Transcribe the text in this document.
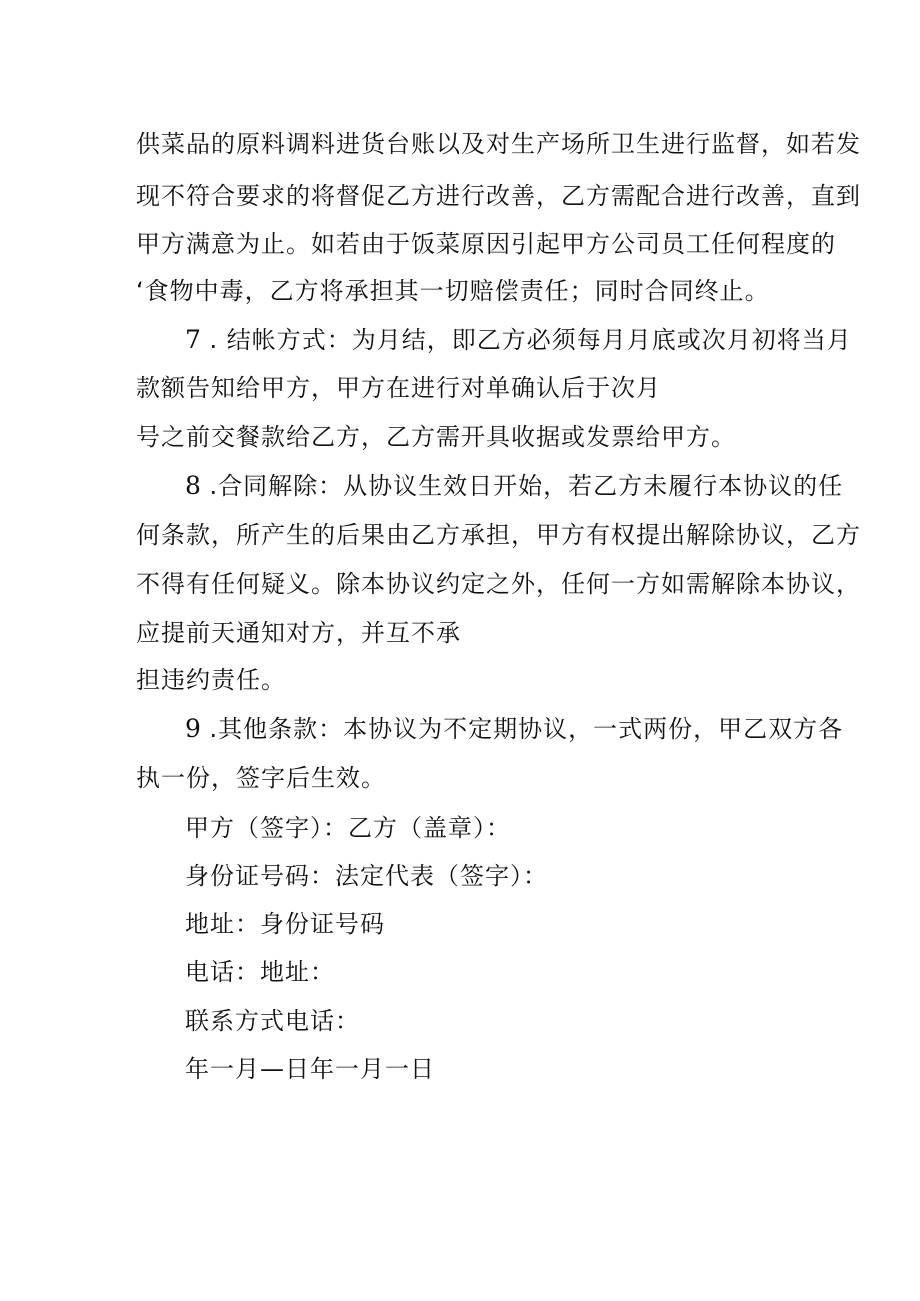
供菜品的原料调料进货台账以及对生产场所卫生进行监督，如若发
现不符合要求的将督促乙方进行改善，乙方需配合进行改善，直到
甲方满意为止。如若由于饭菜原因引起甲方公司员工任何程度的
‘食物中毒，乙方将承担其一切赔偿责任；同时合同终止。
7 . 结帐方式：为月结，即乙方必须每月月底或次月初将当月
款额告知给甲方，甲方在进行对单确认后于次月
号之前交餐款给乙方，乙方需开具收据或发票给甲方。
8 .合同解除：从协议生效日开始，若乙方未履行本协议的任
何条款，所产生的后果由乙方承担，甲方有权提出解除协议，乙方
不得有任何疑义。除本协议约定之外，任何一方如需解除本协议，
应提前天通知对方，并互不承
担违约责任。
9 .其他条款：本协议为不定期协议，一式两份，甲乙双方各
执一份，签字后生效。
甲方（签字）：乙方（盖章）：
身份证号码：法定代表（签字）：
地址：身份证号码
电话：地址：
联系方式电话：
年一月—日年一月一日
